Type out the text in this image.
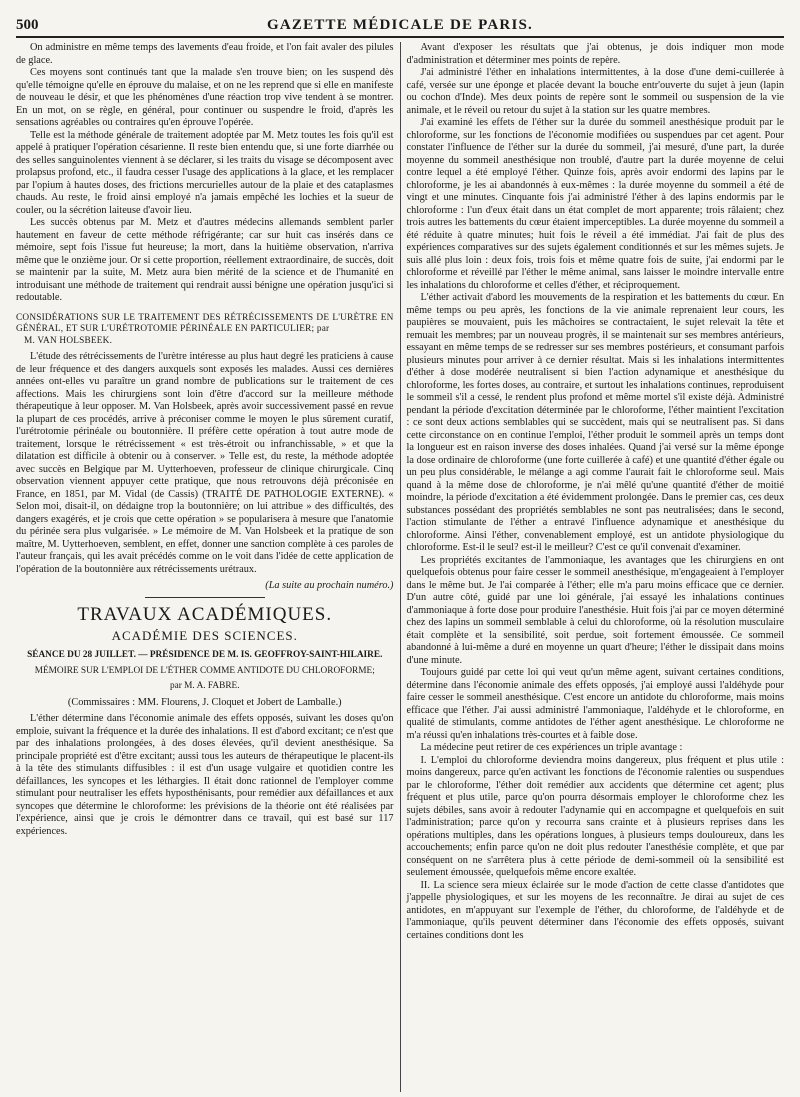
500	GAZETTE MÉDICALE DE PARIS.

On administre en même temps des lavements d'eau froide, et l'on fait avaler des pilules de glace.

Ces moyens sont continués tant que la malade s'en trouve bien; on les suspend dès qu'elle témoigne qu'elle en éprouve du malaise, et on ne les reprend que si elle en manifeste de nouveau le désir, et que les phénomènes d'une réaction trop vive tendent à se montrer. En un mot, on se règle, en général, pour continuer ou suspendre le froid, d'après les sensations agréables ou contraires qu'en éprouve l'opérée.

Telle est la méthode générale de traitement adoptée par M. Metz toutes les fois qu'il est appelé à pratiquer l'opération césarienne. Il reste bien entendu que, si une forte diarrhée ou des selles sanguinolentes viennent à se déclarer, si les traits du visage se décomposent avec prolapsus profond, etc., il faudra cesser l'usage des applications à la glace, et les remplacer par l'opium à hautes doses, des frictions mercurielles autour de la plaie et des cataplasmes chauds. Au reste, le froid ainsi employé n'a jamais empêché les lochies et la sueur de couler, ou la sécrétion laiteuse d'avoir lieu.

Les succès obtenus par M. Metz et d'autres médecins allemands semblent parler hautement en faveur de cette méthode réfrigérante; car sur huit cas insérés dans ce mémoire, sept fois l'issue fut heureuse; la mort, dans la huitième observation, n'arriva même que le onzième jour. Or si cette proportion, réellement extraordinaire, de succès, doit se maintenir par la suite, M. Metz aura bien mérité de la science et de l'humanité en introduisant une méthode de traitement qui rendrait aussi bénigne une opération jusqu'ici si redoutable.

CONSIDÉRATIONS SUR LE TRAITEMENT DES RÉTRÉCISSEMENTS DE L'URÈTRE EN GÉNÉRAL, ET SUR L'URÉTROTOMIE PÉRINÉALE EN PARTICULIER; par
M. VAN HOLSBEEK.

L'étude des rétrécissements de l'urètre intéresse au plus haut degré les praticiens à cause de leur fréquence et des dangers auxquels sont exposés les malades. Aussi ces dernières années ont-elles vu paraître un grand nombre de publications sur le traitement de ces affections. Mais les chirurgiens sont loin d'être d'accord sur la meilleure méthode thérapeutique à leur opposer. M. Van Holsbeek, après avoir successivement passé en revue la plupart de ces procédés, arrive à préconiser comme le moyen le plus sûrement curatif, l'urétrotomie périnéale ou boutonnière. Il préfère cette opération à tout autre mode de traitement, lorsque le rétrécissement « est très-étroit ou infranchissable, » et que la dilatation est difficile à obtenir ou à conserver. » Telle est, du reste, la méthode adoptée avec succès en Belgique par M. Uytterhoeven, professeur de clinique chirurgicale. Cinq observation viennent appuyer cette pratique, que nous retrouvons déjà préconisée en France, en 1851, par M. Vidal (de Cassis) (TRAITÉ DE PATHOLOGIE EXTERNE). « Selon moi, disait-il, on dédaigne trop la boutonnière; on lui attribue » des difficultés, des dangers exagérés, et je crois que cette opération » se popularisera à mesure que l'anatomie du périnée sera plus vulgarisée. » Le mémoire de M. Van Holsbeek et la pratique de son maître, M. Uytterhoeven, semblent, en effet, donner une sanction complète à ces paroles de l'auteur français, qui les avait précédés comme on le voit dans l'idée de cette application de l'opération de la boutonnière aux rétrécissements urétraux.

(La suite au prochain numéro.)
TRAVAUX ACADÉMIQUES.
ACADÉMIE DES SCIENCES.
SÉANCE DU 28 JUILLET. — PRÉSIDENCE DE M. IS. GEOFFROY-SAINT-HILAIRE.
MÉMOIRE SUR L'EMPLOI DE L'ÉTHER COMME ANTIDOTE DU CHLOROFORME;
par M. A. FABRE.
(Commissaires : MM. Flourens, J. Cloquet et Jobert de Lamballe.)

L'éther détermine dans l'économie animale des effets opposés, suivant les doses qu'on emploie, suivant la fréquence et la durée des inhalations. Il est d'abord excitant; ce n'est que par des inhalations prolongées, à des doses élevées, qu'il devient anesthésique. Sa principale propriété est d'être excitant; aussi tous les auteurs de thérapeutique le placent-ils à la tête des stimulants diffusibles : il est d'un usage vulgaire et quotidien contre les défaillances, les syncopes et les léthargies. Il était donc rationnel de l'employer comme stimulant pour neutraliser les effets hyposthénisants, pour remédier aux défaillances et aux syncopes que détermine le chloroforme: les prévisions de la théorie ont été réalisées par l'expérience, ainsi que je crois le démontrer dans ce travail, qui est basé sur 117 expériences.

Avant d'exposer les résultats que j'ai obtenus, je dois indiquer mon mode d'administration et déterminer mes points de repère.

J'ai administré l'éther en inhalations intermittentes, à la dose d'une demi-cuillerée à café, versée sur une éponge et placée devant la bouche entr'ouverte du sujet à jeun (lapin ou cochon d'Inde). Mes deux points de repère sont le sommeil ou suspension de la vie animale, et le réveil ou retour du sujet à la station sur les quatre membres.

J'ai examiné les effets de l'éther sur la durée du sommeil anesthésique produit par le chloroforme, sur les fonctions de l'économie modifiées ou suspendues par cet agent. Pour constater l'influence de l'éther sur la durée du sommeil, j'ai mesuré, d'une part, la durée moyenne du sommeil anesthésique non troublé, d'autre part la durée moyenne de celui contre lequel a été employé l'éther. Quinze fois, après avoir endormi des lapins par le chloroforme, je les ai abandonnés à eux-mêmes : la durée moyenne du sommeil a été de vingt et une minutes. Cinquante fois j'ai administré l'éther à des lapins endormis par le chloroforme : l'un d'eux était dans un état complet de mort apparente; trois râlaient; chez trois autres les battements du cœur étaient imperceptibles. La durée moyenne du sommeil a été réduite à quatre minutes; huit fois le réveil a été immédiat. J'ai fait de plus des expériences comparatives sur des sujets également conditionnés et sur les mêmes sujets. Je suis allé plus loin : deux fois, trois fois et même quatre fois de suite, j'ai endormi par le chloroforme et réveillé par l'éther le même animal, sans laisser le moindre intervalle entre les inhalations du chloroforme et celles d'éther, et réciproquement.

L'éther activait d'abord les mouvements de la respiration et les battements du cœur. En même temps ou peu après, les fonctions de la vie animale reprenaient leur cours, les paupières se mouvaient, puis les mâchoires se contractaient, le sujet relevait la tête et remuait les membres; par un nouveau progrès, il se maintenait sur ses membres antérieurs, essayant en même temps de se redresser sur ses membres postérieurs, et consumant parfois plusieurs minutes pour arriver à ce dernier résultat. Mais si les inhalations intermittentes d'éther à dose modérée neutralisent si bien l'action adynamique et anesthésique du chloroforme, les fortes doses, au contraire, et surtout les inhalations continues, reproduisent le sommeil s'il a cessé, le rendent plus profond et même mortel s'il existe déjà. Administré pendant la période d'excitation déterminée par le chloroforme, l'éther maintient l'excitation : ce sont deux actions semblables qui se succèdent, mais qui se neutralisent pas. Si dans cette circonstance on en continue l'emploi, l'éther produit le sommeil après un temps dont la longueur est en raison inverse des doses inhalées. Quand j'ai versé sur la même éponge la dose ordinaire de chloroforme (une forte cuillerée à café) et une quantité d'éther égale ou un peu plus considérable, le mélange a agi comme l'aurait fait le chloroforme seul. Mais quand à la même dose de chloroforme, je n'ai mêlé qu'une quantité d'éther de moitié moindre, la période d'excitation a été évidemment prolongée. Dans le premier cas, ces deux substances possédant des propriétés semblables ne sont pas neutralisées; dans le second, l'action stimulante de l'éther a entravé l'influence adynamique et anesthésique du chloroforme. Ainsi l'éther, convenablement employé, est un antidote physiologique du chloroforme. Est-il le seul? est-il le meilleur? C'est ce qu'il convenait d'examiner.

Les propriétés excitantes de l'ammoniaque, les avantages que les chirurgiens en ont quelquefois obtenus pour faire cesser le sommeil anesthésique, m'engageaient à l'employer dans le même but. Je l'ai comparée à l'éther; elle m'a paru moins efficace que ce dernier. D'un autre côté, guidé par une loi générale, j'ai essayé les inhalations continues d'ammoniaque à forte dose pour produire l'anesthésie. Huit fois j'ai par ce moyen déterminé chez des lapins un sommeil semblable à celui du chloroforme, où la résolution musculaire était complète et la sensibilité, soit perdue, soit fortement émoussée. Ce sommeil abandonné à lui-même a duré en moyenne un quart d'heure; l'éther le dissipait dans moins d'une minute.

Toujours guidé par cette loi qui veut qu'un même agent, suivant certaines conditions, détermine dans l'économie animale des effets opposés, j'ai employé aussi l'aldéhyde pour faire cesser le sommeil anesthésique. C'est encore un antidote du chloroforme, mais moins efficace que l'éther. J'ai aussi administré l'ammoniaque, l'aldéhyde et le chloroforme, en qualité de stimulants, comme antidotes de l'éther agent anesthésique. Le chloroforme ne m'a réussi qu'en inhalations très-courtes et à faible dose.

La médecine peut retirer de ces expériences un triple avantage :

I. L'emploi du chloroforme deviendra moins dangereux, plus fréquent et plus utile : moins dangereux, parce qu'en activant les fonctions de l'économie ralenties ou suspendues par le chloroforme, l'éther doit remédier aux accidents que détermine cet agent; plus fréquent et plus utile, parce qu'on pourra désormais employer le chloroforme chez les sujets débiles, sans avoir à redouter l'adynamie qui en accompagne et quelquefois en suit l'administration; parce qu'on y recourra sans crainte et à plusieurs reprises dans les opérations multiples, dans les opérations longues, à plusieurs temps douloureux, dans les accouchements; enfin parce qu'on ne doit plus redouter l'anesthésie complète, et que par conséquent on ne s'arrêtera plus à cette période de demi-sommeil où la sensibilité est seulement émoussée, quelquefois même encore exaltée.

II. La science sera mieux éclairée sur le mode d'action de cette classe d'antidotes que j'appelle physiologiques, et sur les moyens de les reconnaître. Je dirai au sujet de ces antidotes, en m'appuyant sur l'exemple de l'éther, du chloroforme, de l'aldéhyde et de l'ammoniaque, qu'ils peuvent déterminer dans l'économie des effets opposés, suivant certaines conditions dont les
